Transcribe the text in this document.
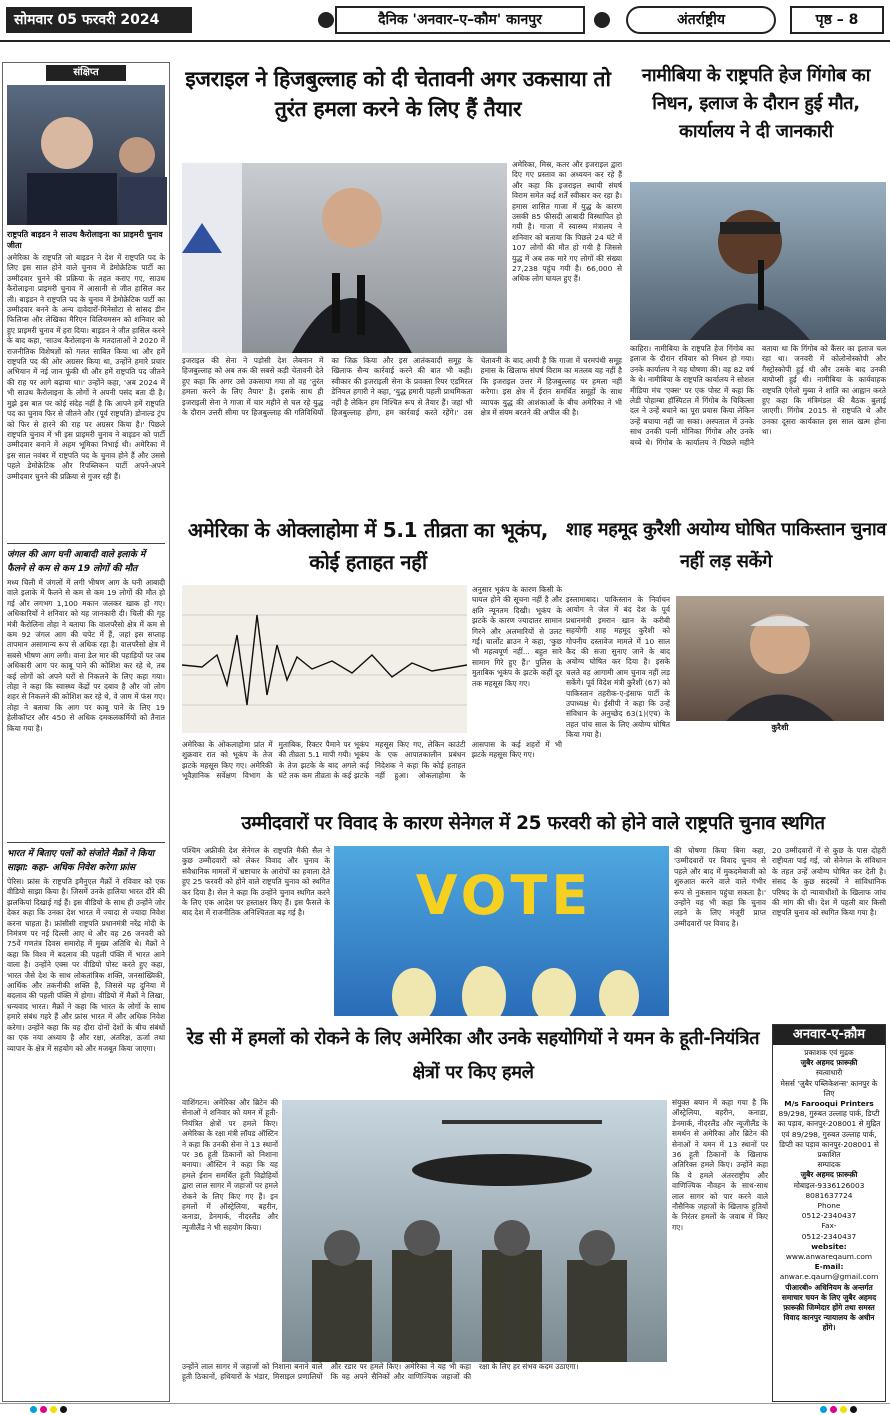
सोमवार 05 फरवरी 2024	दैनिक 'अनवार–ए–कौम' कानपुर	अंतर्राष्ट्रीय	पृष्ठ – 8
संक्षिप्त
राष्ट्रपति बाइडन ने साउथ कैरोलाइना का प्राइमरी चुनाव जीता
अमेरिका के राष्ट्रपति जो बाइडन ने देश में राष्ट्रपति पद के लिए इस साल होने वाले चुनाव में डेमोक्रेटिक पार्टी का उम्मीदवार चुनने की प्रक्रिया के तहत कराए गए, साउथ कैरोलाइना प्राइमरी चुनाव में आसानी से जीत हासिल कर ली। बाइडन ने राष्ट्रपति पद के चुनाव में डेमोक्रेटिक पार्टी का उम्मीदवार बनने के अन्य दावेदारों-मिनेसोटा से सांसद डीन फिलिप्स और लेखिका मैरिएन विलियमसन को शनिवार को हुए प्राइमरी चुनाव में हरा दिया। बाइडन ने जीत हासिल करने के बाद कहा, 'साउथ कैरोलाइना के मतदाताओं ने 2020 में राजनीतिक विशेषज्ञों को गलत साबित किया था और हमें राष्ट्रपति पद की ओर अग्रसर किया था, उन्होंने हमारे प्रचार अभियान में नई जान फूंकी थी और हमें राष्ट्रपति पद जीतने की राह पर आगे बढ़ाया था।' उन्होंने कहा, 'अब 2024 में भी साउथ कैरोलाइना के लोगों ने अपनी पसंद बता दी है। मुझे इस बात पर कोई संदेह नहीं है कि आपने हमें राष्ट्रपति पद का चुनाव फिर से जीतने और (पूर्व राष्ट्रपति) डोनाल्ड ट्रंप को फिर से हारने की राह पर अग्रसर किया है।' पिछले राष्ट्रपति चुनाव में भी इस प्राइमरी चुनाव ने बाइडन को पार्टी उम्मीदवार बनाने में अहम भूमिका निभाई थी। अमेरिका में इस साल नवंबर में राष्ट्रपति पद के चुनाव होने हैं और उससे पहले डेमोक्रेटिक और रिपब्लिकन पार्टी अपने-अपने उम्मीदवार चुनने की प्रक्रिया से गुजर रही हैं।
जंगल की आग घनी आबादी वाले इलाके में फैलने से कम से कम 19 लोगों की मौत
मध्य चिली में जंगलों में लगी भीषण आग के घनी आबादी वाले इलाके में फैलने से कम से कम 19 लोगों की मौत हो गई और लगभग 1,100 मकान जलकर खाक हो गए। अधिकारियों ने शनिवार को यह जानकारी दी। चिली की गृह मंत्री कैरोलिना तोहा ने बताया कि वालपरैसो क्षेत्र में कम से कम 92 जंगल आग की चपेट में हैं, जहां इस सप्ताह तापमान असामान्य रूप से अधिक रहा है। वालपरैसो क्षेत्र में सबसे भीषण आग लगी। वाना डेल मार की पहाड़ियों पर जब अधिकारी आग पर काबू पाने की कोशिश कर रहे थे, तब कई लोगों को अपने घरों से निकलने के लिए कहा गया। तोहा ने कहा कि स्वास्थ्य केंद्रों पर दबाव है और जो लोग शहर से निकलने की कोशिश कर रहे थे, वे जाम में फंस गए। तोहा ने बताया कि आग पर काबू पाने के लिए 19 हेलीकॉप्टर और 450 से अधिक दमकलकर्मियों को तैनात किया गया है।
भारत में बिताए पलों को संजोते मैक्रों ने किया साझा: कहा- अधिक निवेश करेगा फ्रांस
पेरिस। फ्रांस के राष्ट्रपति इमैनुएल मैक्रों ने रविवार को एक वीडियो साझा किया है। जिसमें उनके हालिया भारत दौरे की झलकियां दिखाई गई हैं। इस वीडियो के साथ ही उन्होंने जोर देकर कहा कि उनका देश भारत में ज्यादा से ज्यादा निवेश करना चाहता है। फ्रांसीसी राष्ट्रपति प्रधानमंत्री नरेंद्र मोदी के निमंत्रण पर नई दिल्ली आए थे और वह 26 जनवरी को 75वें गणतंत्र दिवस समारोह में मुख्य अतिथि थे। मैक्रों ने कहा कि विश्व में बदलाव की पहली पंक्ति में भारत आने वाला है। उन्होंने एक्स पर वीडियो पोस्ट करते हुए कहा, भारत जैसे देश के साथ लोकतांत्रिक शक्ति, जनसांख्यिकी, आर्थिक और तकनीकी शक्ति है, जिससे यह दुनिया में बदलाव की पहली पंक्ति में होगा। वीडियो में मैक्रों ने लिखा, धन्यवाद भारत। मैक्रों ने कहा कि भारत के लोगों के साथ हमारे संबंध गहरे हैं और फ्रांस भारत में और अधिक निवेश करेगा। उन्होंने कहा कि यह दौरा दोनों देशों के बीच संबंधों का एक नया अध्याय है और रक्षा, अंतरिक्ष, ऊर्जा तथा व्यापार के क्षेत्र में सहयोग को और मजबूत किया जाएगा।
इजराइल ने हिजबुल्लाह को दी चेतावनी अगर उकसाया तो तुरंत हमला करने के लिए हैं तैयार
अमेरिका, मिस्र, कतर और इजराइल द्वारा दिए गए प्रस्ताव का अध्ययन कर रहे हैं और कहा कि इजराइल स्थायी संघर्ष विराम समेत कई शर्तें स्वीकार कर रहा है। हमास शासित गाजा में युद्ध के कारण उसकी 85 फीसदी आबादी विस्थापित हो गयी है। गाजा में स्वास्थ्य मंत्रालय ने शनिवार को बताया कि पिछले 24 घंटे में 107 लोगों की मौत हो गयी है जिससे युद्ध में अब तक मारे गए लोगों की संख्या 27,238 पहुंच गयी है। 66,000 से अधिक लोग घायल हुए हैं।
इजराइल की सेना ने पड़ोसी देश लेबनान में हिजबुल्लाह को अब तक की सबसे कड़ी चेतावनी देते हुए कहा कि अगर उसे उकसाया गया तो वह 'तुरंत हमला करने के लिए तैयार' है। इसके साथ ही इजराइली सेना ने गाजा में चार महीने से चल रहे युद्ध के दौरान उत्तरी सीमा पर हिजबुल्लाह की गतिविधियों का जिक्र किया और इस आतंकवादी समूह के खिलाफ सैन्य कार्रवाई करने की बात भी कही। स्वीकार की इजराइली सेना के प्रवक्ता रियर एडमिरल डेनियल हगारी ने कहा, 'युद्ध हमारी पहली प्राथमिकता नहीं है लेकिन हम निश्चित रूप से तैयार हैं। जहां भी हिजबुल्लाह होगा, हम कार्रवाई करते रहेंगे।' उस चेतावनी के बाद आयी है कि गाजा में चरमपंथी समूह हमास के खिलाफ संघर्ष विराम का मतलब यह नहीं है कि इजराइल उत्तर में हिजबुल्लाह पर हमला नहीं करेगा। इस क्षेत्र में ईरान समर्थित समूहों के साथ व्यापक युद्ध की आशंकाओं के बीच अमेरिका ने भी क्षेत्र में संयम बरतने की अपील की है।
नामीबिया के राष्ट्रपति हेज गिंगोब का निधन, इलाज के दौरान हुई मौत, कार्यालय ने दी जानकारी
काहिरा। नामीबिया के राष्ट्रपति हेज गिंगोब का इलाज के दौरान रविवार को निधन हो गया। उनके कार्यालय ने यह घोषणा की। वह 82 वर्ष के थे। नामीबिया के राष्ट्रपति कार्यालय ने सोशल मीडिया मंच 'एक्स' पर एक पोस्ट में कहा कि लेडी पोहाम्बा हॉस्पिटल में गिंगोब के चिकित्सा दल ने उन्हें बचाने का पूरा प्रयास किया लेकिन उन्हें बचाया नहीं जा सका। अस्पताल में उनके साथ उनकी पत्नी मोनिका गिंगोब और उनके बच्चे थे। गिंगोब के कार्यालय ने पिछले महीने बताया था कि गिंगोब को कैंसर का इलाज चल रहा था। जनवरी में कोलोनोस्कोपी और गैस्ट्रोस्कोपी हुई थी और उसके बाद उनकी बायोप्सी हुई थी। नामीबिया के कार्यवाहक राष्ट्रपति एंगेलो मुब्वा ने शांति का आह्वान करते हुए कहा कि मंत्रिमंडल की बैठक बुलाई जाएगी। गिंगोब 2015 से राष्ट्रपति थे और उनका दूसरा कार्यकाल इस साल खत्म होना था।
अमेरिका के ओक्लाहोमा में 5.1 तीव्रता का भूकंप, कोई हताहत नहीं
अनुसार भूकंप के कारण किसी के घायल होने की सूचना नहीं है और क्षति न्यूनतम दिखी। भूकंप के झटके के कारण ज्यादातर सामान गिरने और अलमारियों से उलट गईं। चार्लोट ब्राउन ने कहा, 'कुछ भी महत्वपूर्ण नहीं... बहुत सारे सामान गिरे हुए हैं।' पुलिस के मुताबिक भूकंप के झटके कहीं दूर तक महसूस किए गए।
अमेरिका के ओकलाहोमा प्रांत में शुक्रवार रात को भूकंप के तेज झटके महसूस किए गए। अमेरिकी भूवैज्ञानिक सर्वेक्षण विभाग के मुताबिक, रिक्टर पैमाने पर भूकंप की तीव्रता 5.1 मापी गयी। भूकंप के तेज झटके के बाद अगले कई घंटे तक कम तीव्रता के कई झटके महसूस किए गए, लेकिन काउंटी के एक आपातकालीन प्रबंधन निदेशक ने कहा कि कोई हताहत नहीं हुआ। ओकलाहोमा के आसपास के कई शहरों में भी झटके महसूस किए गए।
शाह महमूद कुरैशी अयोग्य घोषित पाकिस्तान चुनाव नहीं लड़ सकेंगे
इस्लामाबाद। पाकिस्तान के निर्वाचन आयोग ने जेल में बंद देश के पूर्व प्रधानमंत्री इमरान खान के करीबी सहयोगी शाह महमूद कुरैशी को गोपनीय दस्तावेज मामले में 10 साल कैद की सजा सुनाए जाने के बाद अयोग्य घोषित कर दिया है। इसके चलते वह आगामी आम चुनाव नहीं लड़ सकेंगे। पूर्व विदेश मंत्री कुरैशी (67) को पाकिस्तान तहरीक-ए-इंसाफ पार्टी के उपाध्यक्ष थे। ईसीपी ने कहा कि उन्हें संविधान के अनुच्छेद 63(1)(एच) के तहत पांच साल के लिए अयोग्य घोषित किया गया है।
कुरैशी
उम्मीदवारों पर विवाद के कारण सेनेगल में 25 फरवरी को होने वाले राष्ट्रपति चुनाव स्थगित
पश्चिम अफ्रीकी देश सेनेगल के राष्ट्रपति मैकी सैल ने कुछ उम्मीदवारों को लेकर विवाद और चुनाव के संवैधानिक मामलों में भ्रष्टाचार के आरोपों का हवाला देते हुए 25 फरवरी को होने वाले राष्ट्रपति चुनाव को स्थगित कर दिया है। सेल ने कहा कि उन्होंने चुनाव स्थगित करने के लिए एक आदेश पर हस्ताक्षर किए हैं। इस फैसले के बाद देश में राजनीतिक अनिश्चितता बढ़ गई है।	VOTE
की घोषणा किया बिना कहा, 'उम्मीदवारों पर विवाद चुनाव से पहले और बाद में मुकदमेबाजी को शुरुआत करने वाले वाले गंभीर रूप से नुकसान पहुंचा सकता है।' उन्होंने यह भी कहा कि चुनाव लड़ने के लिए मंजूरी प्राप्त उम्मीदवारों पर विवाद है।
20 उम्मीदवारों में से कुछ के पास दोहरी राष्ट्रीयता पाई गई, जो सेनेगल के संविधान के तहत उन्हें अयोग्य घोषित कर देती है। संसद के कुछ सदस्यों ने सांविधानिक परिषद के दो न्यायाधीशों के खिलाफ जांच की मांग की थी। देश में पहली बार किसी राष्ट्रपति चुनाव को स्थगित किया गया है।
रेड सी में हमलों को रोकने के लिए अमेरिका और उनके सहयोगियों ने यमन के हूती-नियंत्रित क्षेत्रों पर किए हमले
वाशिंगटन। अमेरिका और ब्रिटेन की सेनाओं ने शनिवार को यमन में हूती-नियंत्रित क्षेत्रों पर हमले किए। अमेरिका के रक्षा मंत्री लॉयड ऑस्टिन ने कहा कि उनकी सेना ने 13 स्थानों पर 36 हूती ठिकानों को निशाना बनाया। ऑस्टिन ने कहा कि यह हमले ईरान समर्थित हूती विद्रोहियों द्वारा लाल सागर में जहाजों पर हमले रोकने के लिए किए गए हैं। इन हमलों में ऑस्ट्रेलिया, बहरीन, कनाडा, डेनमार्क, नीदरलैंड और न्यूजीलैंड ने भी सहयोग किया।
संयुक्त बयान में कहा गया है कि ऑस्ट्रेलिया, बहरीन, कनाडा, डेनमार्क, नीदरलैंड और न्यूजीलैंड के समर्थन से अमेरिका और ब्रिटेन की सेनाओं ने यमन में 13 स्थानों पर 36 हूती ठिकानों के खिलाफ अतिरिक्त हमले किए। उन्होंने कहा कि ये हमले अंतरराष्ट्रीय और वाणिज्यिक नौवहन के साथ-साथ लाल सागर को पार करने वाले नौसैनिक जहाजों के खिलाफ हूतियों के निरंतर हमलों के जवाब में किए गए।
उन्होंने लाल सागर में जहाजों को निशाना बनाने वाले हूती ठिकानों, हथियारों के भंडार, मिसाइल प्रणालियों और रडार पर हमले किए। अमेरिका ने यह भी कहा कि वह अपने सैनिकों और वाणिज्यिक जहाजों की रक्षा के लिए हर संभव कदम उठाएगा।
अनवार-ए-क़ौम
प्रकाशक एवं मुद्रक
जुबैर अहमद फ़ारूक़ी
स्वत्वाधारी
मेसर्स 'ज़ुबैर पब्लिकेशन्स' कानपुर के लिए
M/s Farooqui Printers
89/298, गुरुबत उल्लाह पार्क, डिप्टी का पड़ाव, कानपुर-208001 से मुद्रित एवं 89/298, गुरुबत उल्लाह पार्क, डिप्टी का पड़ाव कानपुर-208001 से प्रकाशित
सम्पादक
जुबैर अहमद फ़ारूक़ी
मोबाइल-9336126003
8081637724
Phone
0512-2340437
Fax-
0512-2340437
website:
www.anwareqaum.com
E-mail:
anwar.e.qaum@gmail.com
पीआरबी० अधिनियम के अन्तर्गत समाचार चयन के लिए जुबैर अहमद फ़ारूक़ी जिम्मेदार होंगे तथा समस्त विवाद कानपुर न्यायालय के अधीन होंगे।
